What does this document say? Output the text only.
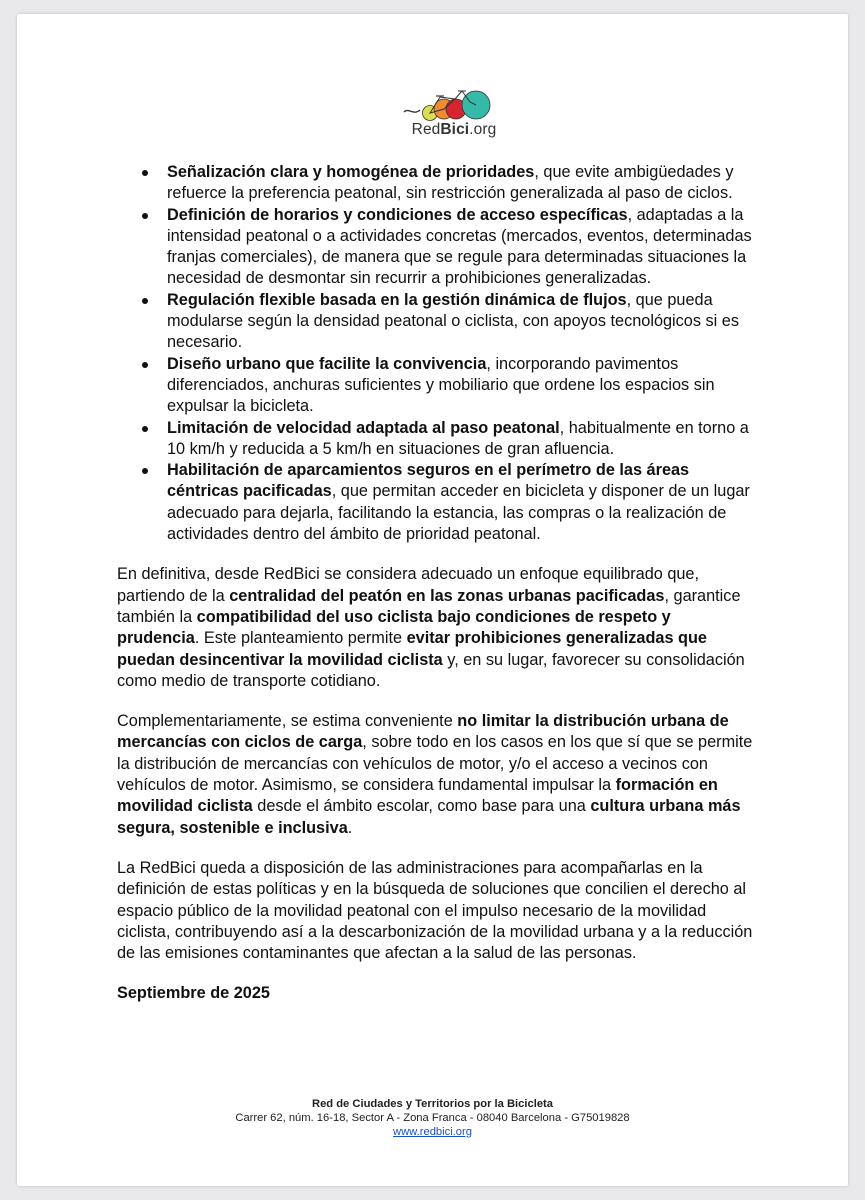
RedBici.org
Señalización clara y homogénea de prioridades, que evite ambigüedades y refuerce la preferencia peatonal, sin restricción generalizada al paso de ciclos.
Definición de horarios y condiciones de acceso específicas, adaptadas a la intensidad peatonal o a actividades concretas (mercados, eventos, determinadas franjas comerciales), de manera que se regule para determinadas situaciones la necesidad de desmontar sin recurrir a prohibiciones generalizadas.
Regulación flexible basada en la gestión dinámica de flujos, que pueda modularse según la densidad peatonal o ciclista, con apoyos tecnológicos si es necesario.
Diseño urbano que facilite la convivencia, incorporando pavimentos diferenciados, anchuras suficientes y mobiliario que ordene los espacios sin expulsar la bicicleta.
Limitación de velocidad adaptada al paso peatonal, habitualmente en torno a 10 km/h y reducida a 5 km/h en situaciones de gran afluencia.
Habilitación de aparcamientos seguros en el perímetro de las áreas céntricas pacificadas, que permitan acceder en bicicleta y disponer de un lugar adecuado para dejarla, facilitando la estancia, las compras o la realización de actividades dentro del ámbito de prioridad peatonal.

En definitiva, desde RedBici se considera adecuado un enfoque equilibrado que, partiendo de la centralidad del peatón en las zonas urbanas pacificadas, garantice también la compatibilidad del uso ciclista bajo condiciones de respeto y prudencia. Este planteamiento permite evitar prohibiciones generalizadas que puedan desincentivar la movilidad ciclista y, en su lugar, favorecer su consolidación como medio de transporte cotidiano.

Complementariamente, se estima conveniente no limitar la distribución urbana de mercancías con ciclos de carga, sobre todo en los casos en los que sí que se permite la distribución de mercancías con vehículos de motor, y/o el acceso a vecinos con vehículos de motor. Asimismo, se considera fundamental impulsar la formación en movilidad ciclista desde el ámbito escolar, como base para una cultura urbana más segura, sostenible e inclusiva.

La RedBici queda a disposición de las administraciones para acompañarlas en la definición de estas políticas y en la búsqueda de soluciones que concilien el derecho al espacio público de la movilidad peatonal con el impulso necesario de la movilidad ciclista, contribuyendo así a la descarbonización de la movilidad urbana y a la reducción de las emisiones contaminantes que afectan a la salud de las personas.

Septiembre de 2025

Red de Ciudades y Territorios por la Bicicleta
Carrer 62, núm. 16-18, Sector A - Zona Franca - 08040 Barcelona - G75019828
www.redbici.org
